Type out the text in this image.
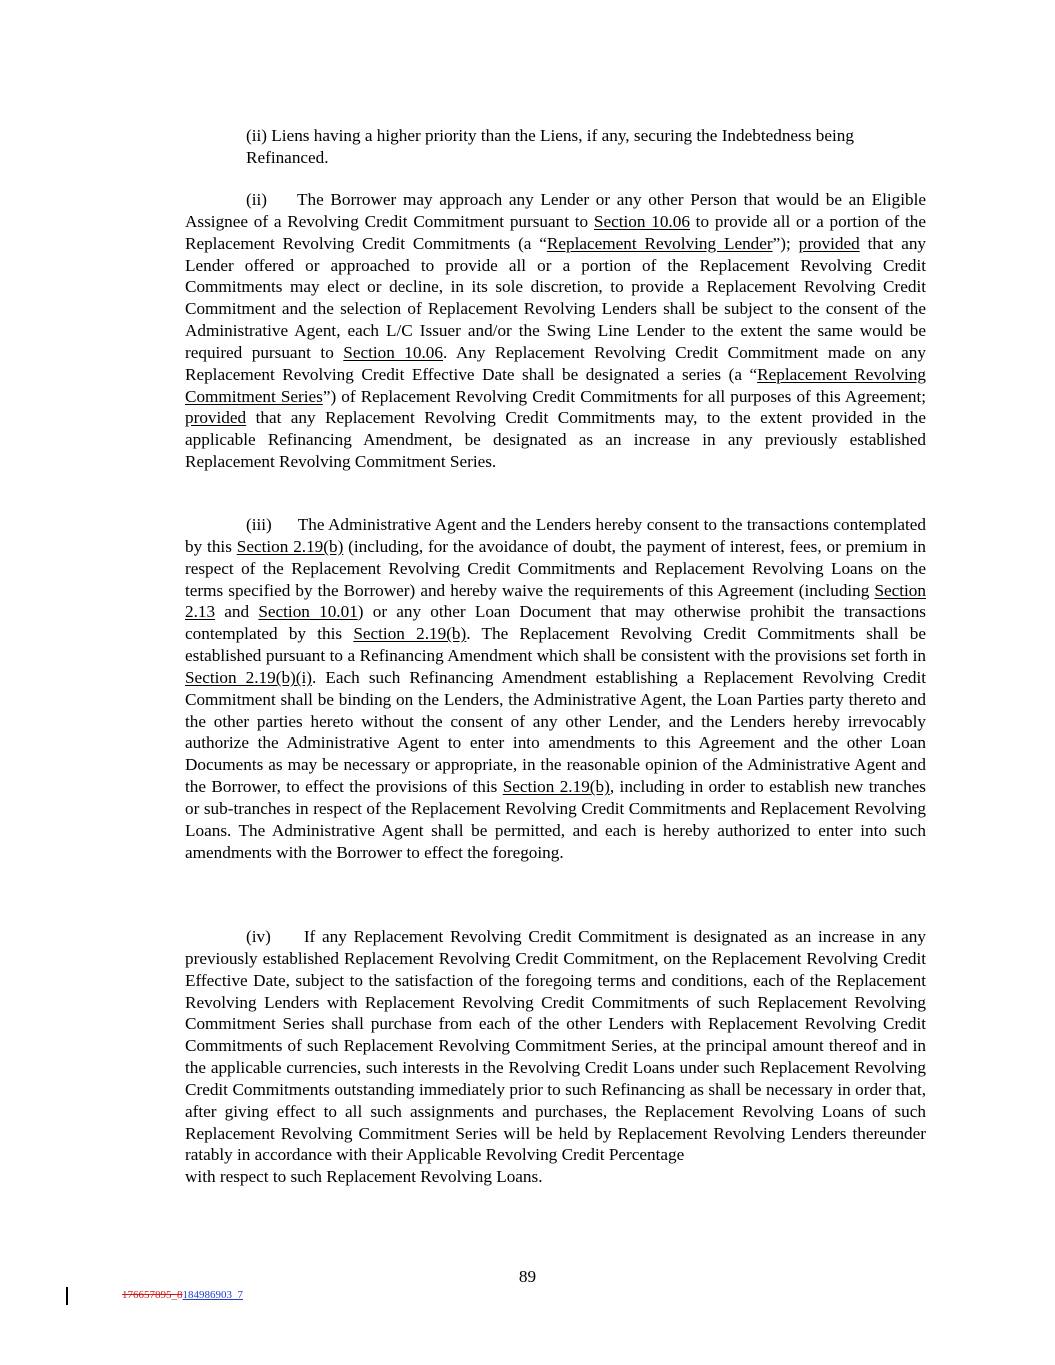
(ii) Liens having a higher priority than the Liens, if any, securing the Indebtedness being Refinanced.

(ii) The Borrower may approach any Lender or any other Person that would be an Eligible Assignee of a Revolving Credit Commitment pursuant to Section 10.06 to provide all or a portion of the Replacement Revolving Credit Commitments (a “Replacement Revolving Lender”); provided that any Lender offered or approached to provide all or a portion of the Replacement Revolving Credit Commitments may elect or decline, in its sole discretion, to provide a Replacement Revolving Credit Commitment and the selection of Replacement Revolving Lenders shall be subject to the consent of the Administrative Agent, each L/C Issuer and/or the Swing Line Lender to the extent the same would be required pursuant to Section 10.06. Any Replacement Revolving Credit Commitment made on any Replacement Revolving Credit Effective Date shall be designated a series (a “Replacement Revolving Commitment Series”) of Replacement Revolving Credit Commitments for all purposes of this Agreement; provided that any Replacement Revolving Credit Commitments may, to the extent provided in the applicable Refinancing Amendment, be designated as an increase in any previously established Replacement Revolving Commitment Series.

(iii) The Administrative Agent and the Lenders hereby consent to the transactions contemplated by this Section 2.19(b) (including, for the avoidance of doubt, the payment of interest, fees, or premium in respect of the Replacement Revolving Credit Commitments and Replacement Revolving Loans on the terms specified by the Borrower) and hereby waive the requirements of this Agreement (including Section 2.13 and Section 10.01) or any other Loan Document that may otherwise prohibit the transactions contemplated by this Section 2.19(b). The Replacement Revolving Credit Commitments shall be established pursuant to a Refinancing Amendment which shall be consistent with the provisions set forth in Section 2.19(b)(i). Each such Refinancing Amendment establishing a Replacement Revolving Credit Commitment shall be binding on the Lenders, the Administrative Agent, the Loan Parties party thereto and the other parties hereto without the consent of any other Lender, and the Lenders hereby irrevocably authorize the Administrative Agent to enter into amendments to this Agreement and the other Loan Documents as may be necessary or appropriate, in the reasonable opinion of the Administrative Agent and the Borrower, to effect the provisions of this Section 2.19(b), including in order to establish new tranches or sub-tranches in respect of the Replacement Revolving Credit Commitments and Replacement Revolving Loans. The Administrative Agent shall be permitted, and each is hereby authorized to enter into such amendments with the Borrower to effect the foregoing.

(iv) If any Replacement Revolving Credit Commitment is designated as an increase in any previously established Replacement Revolving Credit Commitment, on the Replacement Revolving Credit Effective Date, subject to the satisfaction of the foregoing terms and conditions, each of the Replacement Revolving Lenders with Replacement Revolving Credit Commitments of such Replacement Revolving Commitment Series shall purchase from each of the other Lenders with Replacement Revolving Credit Commitments of such Replacement Revolving Commitment Series, at the principal amount thereof and in the applicable currencies, such interests in the Revolving Credit Loans under such Replacement Revolving Credit Commitments outstanding immediately prior to such Refinancing as shall be necessary in order that, after giving effect to all such assignments and purchases, the Replacement Revolving Loans of such Replacement Revolving Commitment Series will be held by Replacement Revolving Lenders thereunder ratably in accordance with their Applicable Revolving Credit Percentage
with respect to such Replacement Revolving Loans.

89
176657895_8184986903_7
